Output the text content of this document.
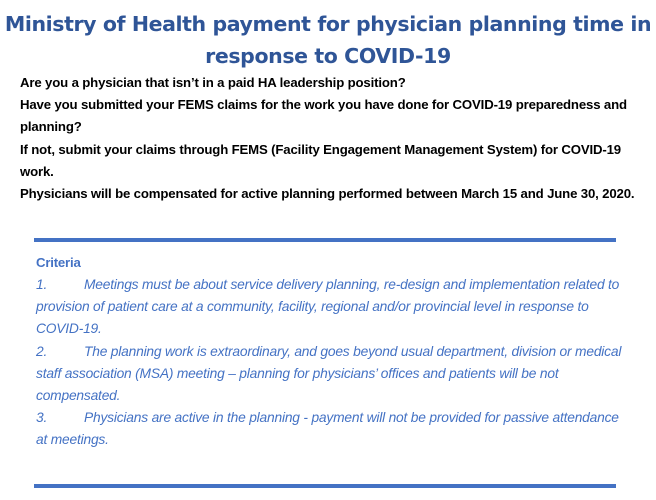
Ministry of Health payment for physician planning time in
response to COVID-19

Are you a physician that isn’t in a paid HA leadership position?

Have you submitted your FEMS claims for the work you have done for COVID-19 preparedness and planning?

If not, submit your claims through FEMS (Facility Engagement Management System) for COVID-19 work.

Physicians will be compensated for active planning performed between March 15 and June 30, 2020.

Criteria

1.	Meetings must be about service delivery planning, re-design and implementation related to provision of patient care at a community, facility, regional and/or provincial level in response to COVID-19.

2.	The planning work is extraordinary, and goes beyond usual department, division or medical staff association (MSA) meeting – planning for physicians’ offices and patients will be not compensated.

3.	Physicians are active in the planning - payment will not be provided for passive attendance at meetings.
